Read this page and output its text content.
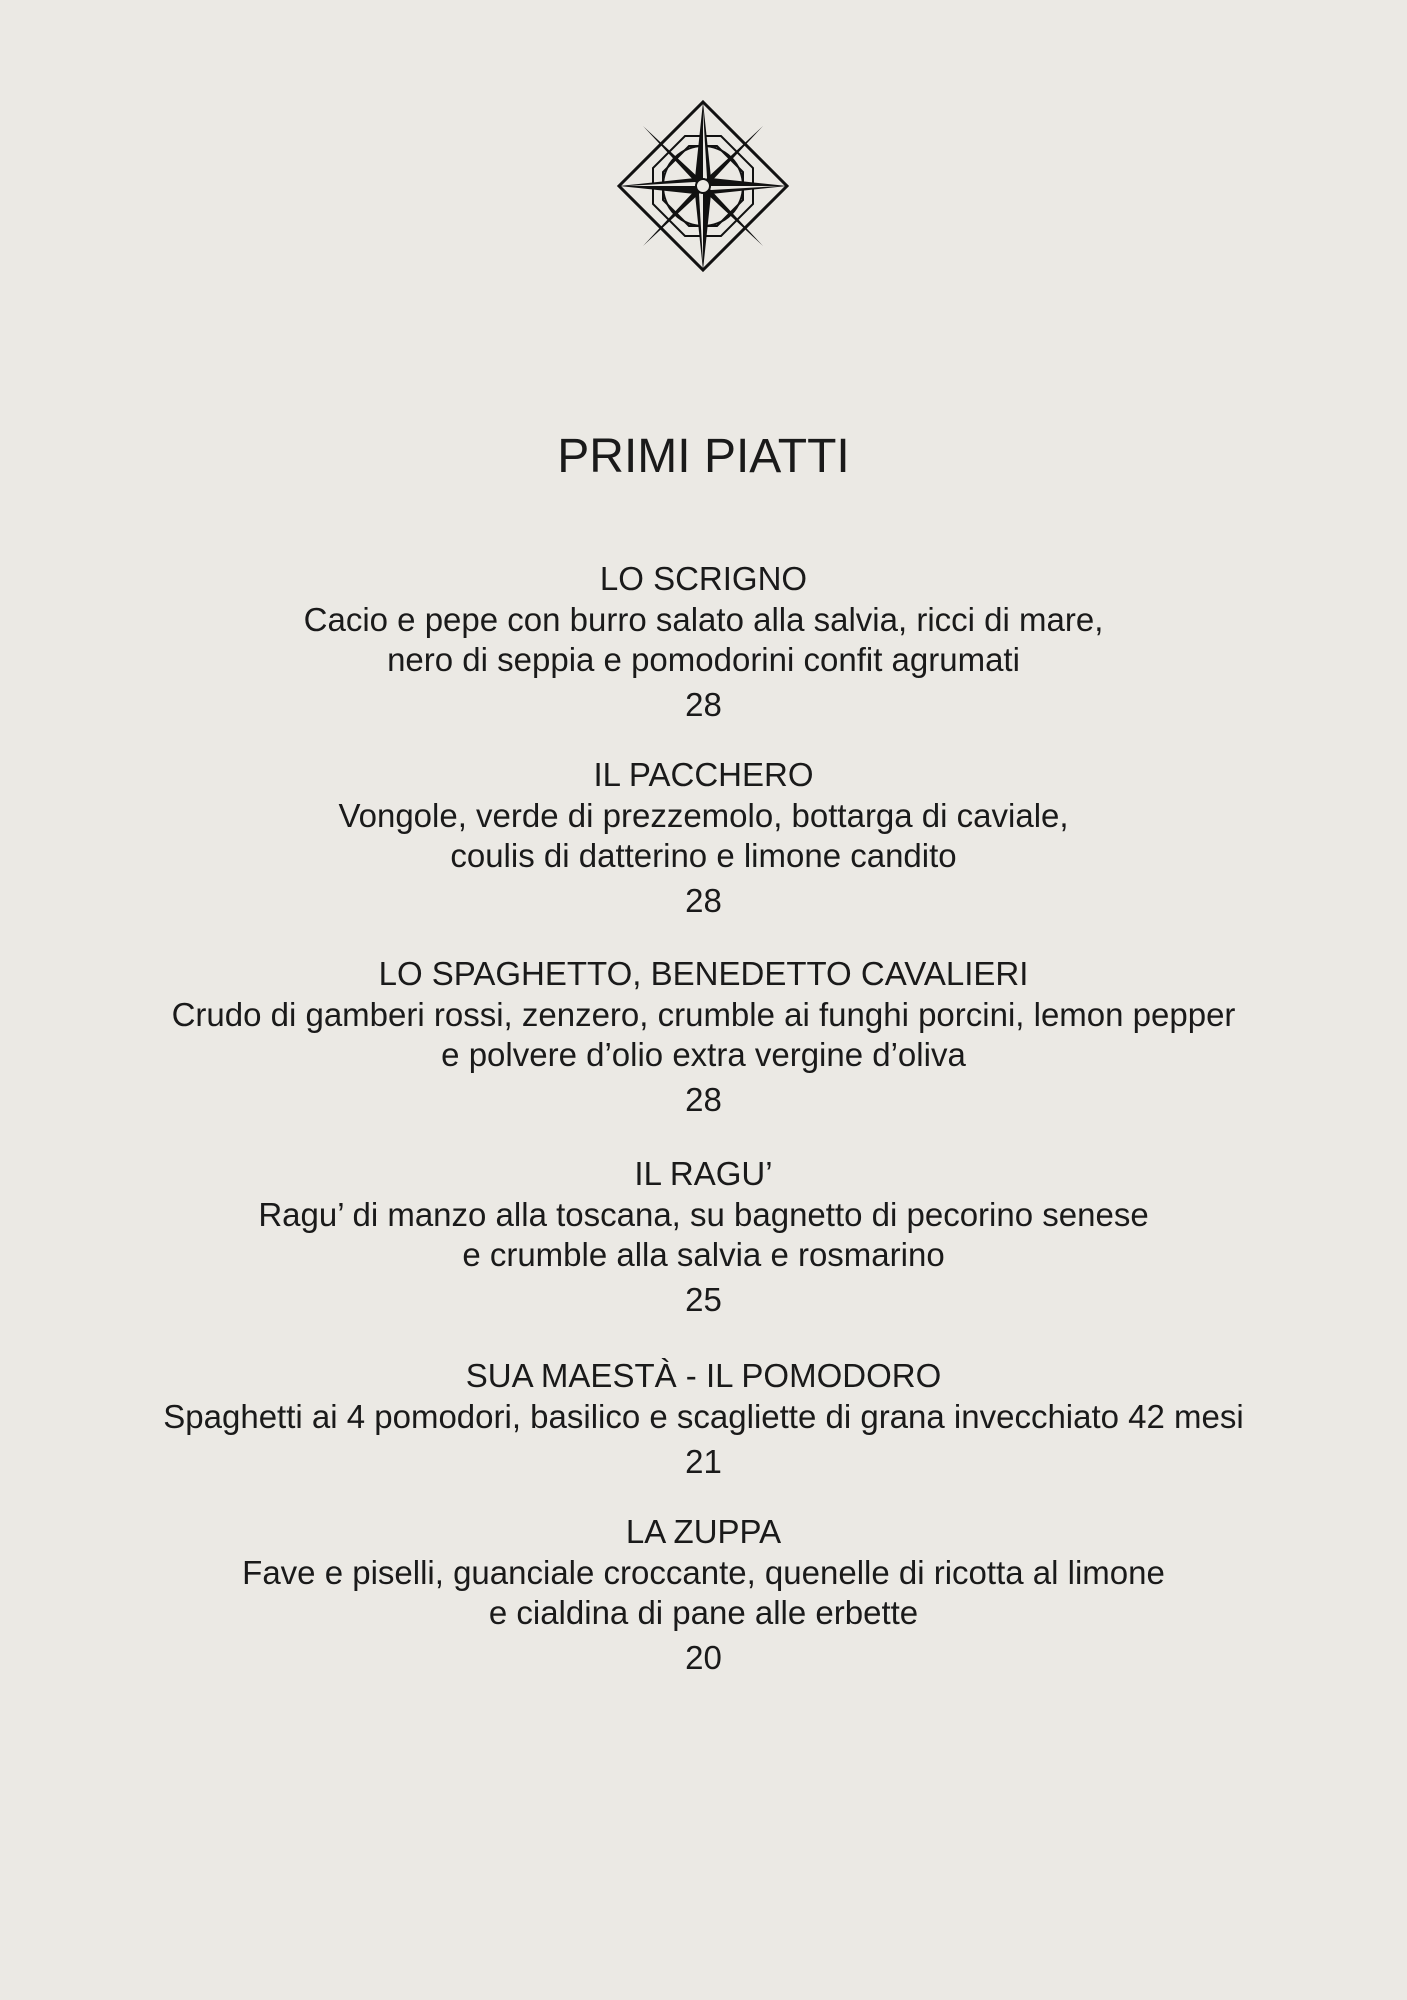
PRIMI PIATTI
LO SCRIGNO
Cacio e pepe con burro salato alla salvia, ricci di mare,
nero di seppia e pomodorini confit agrumati
28
IL PACCHERO
Vongole, verde di prezzemolo, bottarga di caviale,
coulis di datterino e limone candito
28
LO SPAGHETTO, BENEDETTO CAVALIERI
Crudo di gamberi rossi, zenzero, crumble ai funghi porcini, lemon pepper
e polvere d’olio extra vergine d’oliva
28
IL RAGU’
Ragu’ di manzo alla toscana, su bagnetto di pecorino senese
e crumble alla salvia e rosmarino
25
SUA MAESTÀ - IL POMODORO
Spaghetti ai 4 pomodori, basilico e scagliette di grana invecchiato 42 mesi
21
LA ZUPPA
Fave e piselli, guanciale croccante, quenelle di ricotta al limone
e cialdina di pane alle erbette
20
